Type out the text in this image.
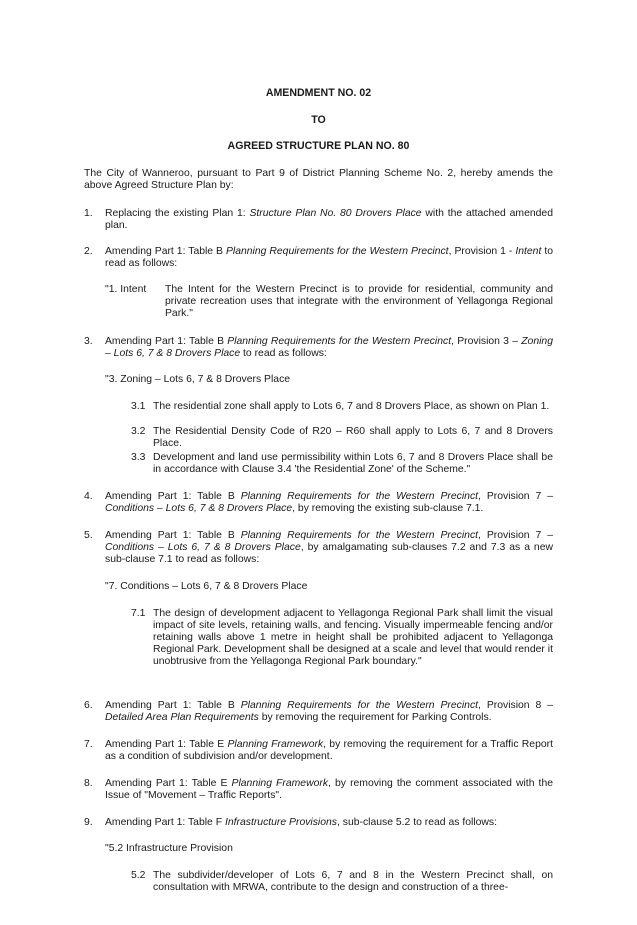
AMENDMENT NO. 02
TO
AGREED STRUCTURE PLAN NO. 80
The City of Wanneroo, pursuant to Part 9 of District Planning Scheme No. 2, hereby amends the above Agreed Structure Plan by:
1. Replacing the existing Plan 1: Structure Plan No. 80 Drovers Place with the attached amended plan.
2. Amending Part 1: Table B Planning Requirements for the Western Precinct, Provision 1 - Intent to read as follows:
"1. Intent The Intent for the Western Precinct is to provide for residential, community and private recreation uses that integrate with the environment of Yellagonga Regional Park."
3. Amending Part 1: Table B Planning Requirements for the Western Precinct, Provision 3 – Zoning – Lots 6, 7 & 8 Drovers Place to read as follows:
"3. Zoning – Lots 6, 7 & 8 Drovers Place
3.1 The residential zone shall apply to Lots 6, 7 and 8 Drovers Place, as shown on Plan 1.
3.2 The Residential Density Code of R20 – R60 shall apply to Lots 6, 7 and 8 Drovers Place.
3.3 Development and land use permissibility within Lots 6, 7 and 8 Drovers Place shall be in accordance with Clause 3.4 'the Residential Zone' of the Scheme."
4. Amending Part 1: Table B Planning Requirements for the Western Precinct, Provision 7 – Conditions – Lots 6, 7 & 8 Drovers Place, by removing the existing sub-clause 7.1.
5. Amending Part 1: Table B Planning Requirements for the Western Precinct, Provision 7 – Conditions – Lots 6, 7 & 8 Drovers Place, by amalgamating sub-clauses 7.2 and 7.3 as a new sub-clause 7.1 to read as follows:
"7. Conditions – Lots 6, 7 & 8 Drovers Place
7.1 The design of development adjacent to Yellagonga Regional Park shall limit the visual impact of site levels, retaining walls, and fencing. Visually impermeable fencing and/or retaining walls above 1 metre in height shall be prohibited adjacent to Yellagonga Regional Park. Development shall be designed at a scale and level that would render it unobtrusive from the Yellagonga Regional Park boundary."
6. Amending Part 1: Table B Planning Requirements for the Western Precinct, Provision 8 – Detailed Area Plan Requirements by removing the requirement for Parking Controls.
7. Amending Part 1: Table E Planning Framework, by removing the requirement for a Traffic Report as a condition of subdivision and/or development.
8. Amending Part 1: Table E Planning Framework, by removing the comment associated with the Issue of "Movement – Traffic Reports".
9. Amending Part 1: Table F Infrastructure Provisions, sub-clause 5.2 to read as follows:
"5.2 Infrastructure Provision
5.2 The subdivider/developer of Lots 6, 7 and 8 in the Western Precinct shall, on consultation with MRWA, contribute to the design and construction of a three-
